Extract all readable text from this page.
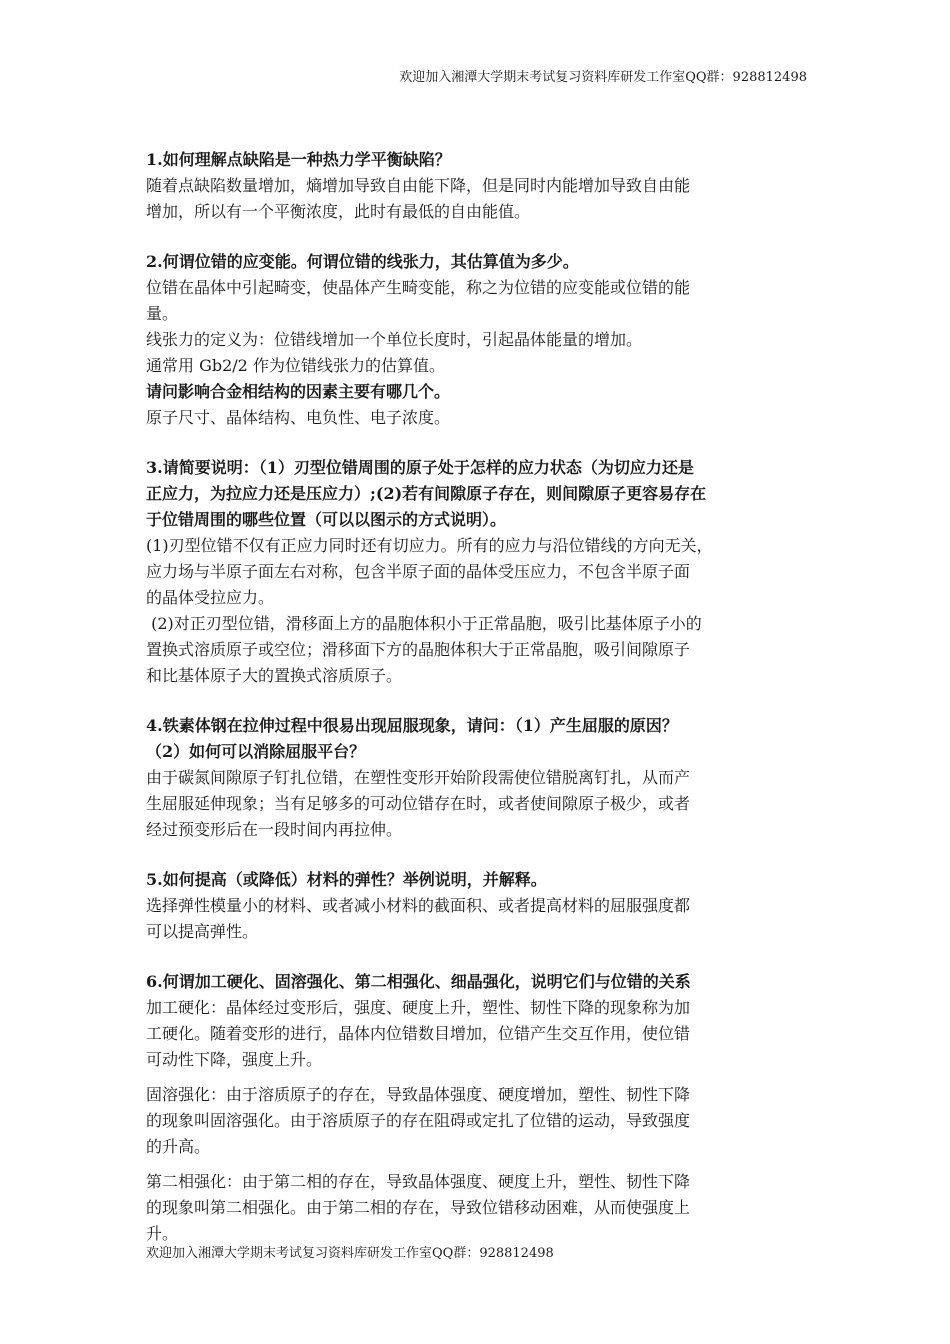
欢迎加入湘潭大学期末考试复习资料库研发工作室QQ群：928812498

1.如何理解点缺陷是一种热力学平衡缺陷？

随着点缺陷数量增加，熵增加导致自由能下降，但是同时内能增加导致自由能

增加，所以有一个平衡浓度，此时有最低的自由能值。

2.何谓位错的应变能。何谓位错的线张力，其估算值为多少。

位错在晶体中引起畸变，使晶体产生畸变能，称之为位错的应变能或位错的能

量。

线张力的定义为：位错线增加一个单位长度时，引起晶体能量的增加。

通常用 Gb2/2 作为位错线张力的估算值。

请问影响合金相结构的因素主要有哪几个。

原子尺寸、晶体结构、电负性、电子浓度。

3.请简要说明：（1）刃型位错周围的原子处于怎样的应力状态（为切应力还是

正应力，为拉应力还是压应力）;(2)若有间隙原子存在，则间隙原子更容易存在

于位错周围的哪些位置（可以以图示的方式说明）。

(1)刃型位错不仅有正应力同时还有切应力。所有的应力与沿位错线的方向无关，

应力场与半原子面左右对称，包含半原子面的晶体受压应力，不包含半原子面

的晶体受拉应力。

(2)对正刃型位错，滑移面上方的晶胞体积小于正常晶胞，吸引比基体原子小的

置换式溶质原子或空位；滑移面下方的晶胞体积大于正常晶胞，吸引间隙原子

和比基体原子大的置换式溶质原子。

4.铁素体钢在拉伸过程中很易出现屈服现象，请问：（1）产生屈服的原因？

（2）如何可以消除屈服平台？

由于碳氮间隙原子钉扎位错，在塑性变形开始阶段需使位错脱离钉扎，从而产

生屈服延伸现象；当有足够多的可动位错存在时，或者使间隙原子极少，或者

经过预变形后在一段时间内再拉伸。

5.如何提高（或降低）材料的弹性？举例说明，并解释。

选择弹性模量小的材料、或者减小材料的截面积、或者提高材料的屈服强度都

可以提高弹性。

6.何谓加工硬化、固溶强化、第二相强化、细晶强化，说明它们与位错的关系

加工硬化：晶体经过变形后，强度、硬度上升，塑性、韧性下降的现象称为加

工硬化。随着变形的进行，晶体内位错数目增加，位错产生交互作用，使位错

可动性下降，强度上升。

固溶强化：由于溶质原子的存在，导致晶体强度、硬度增加，塑性、韧性下降

的现象叫固溶强化。由于溶质原子的存在阻碍或定扎了位错的运动，导致强度

的升高。

第二相强化：由于第二相的存在，导致晶体强度、硬度上升，塑性、韧性下降

的现象叫第二相强化。由于第二相的存在，导致位错移动困难，从而使强度上

升。

欢迎加入湘潭大学期末考试复习资料库研发工作室QQ群：928812498
